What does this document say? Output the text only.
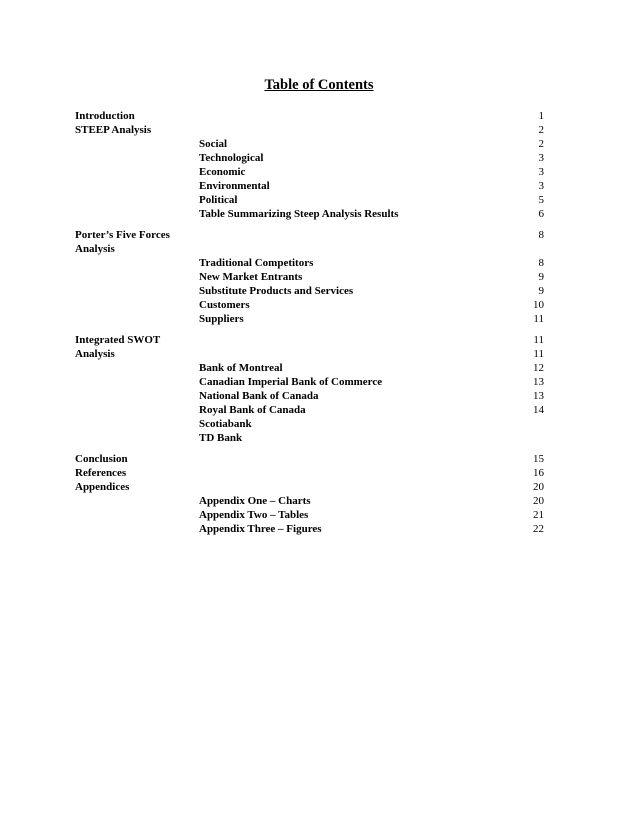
Table of Contents
Introduction
STEEP Analysis
Porter’s Five Forces
Analysis
Integrated SWOT
Analysis
Conclusion
References
Appendices
Social
Technological
Economic
Environmental
Political
Table Summarizing Steep Analysis Results
Traditional Competitors
New Market Entrants
Substitute Products and Services
Customers
Suppliers
Bank of Montreal
Canadian Imperial Bank of Commerce
National Bank of Canada
Royal Bank of Canada
Scotiabank
TD Bank
Appendix One – Charts
Appendix Two – Tables
Appendix Three – Figures
1
2
2
3
3
3
5
6
8
8
9
9
10
11
11
11
12
13
13
14
15
16
20
20
21
22
